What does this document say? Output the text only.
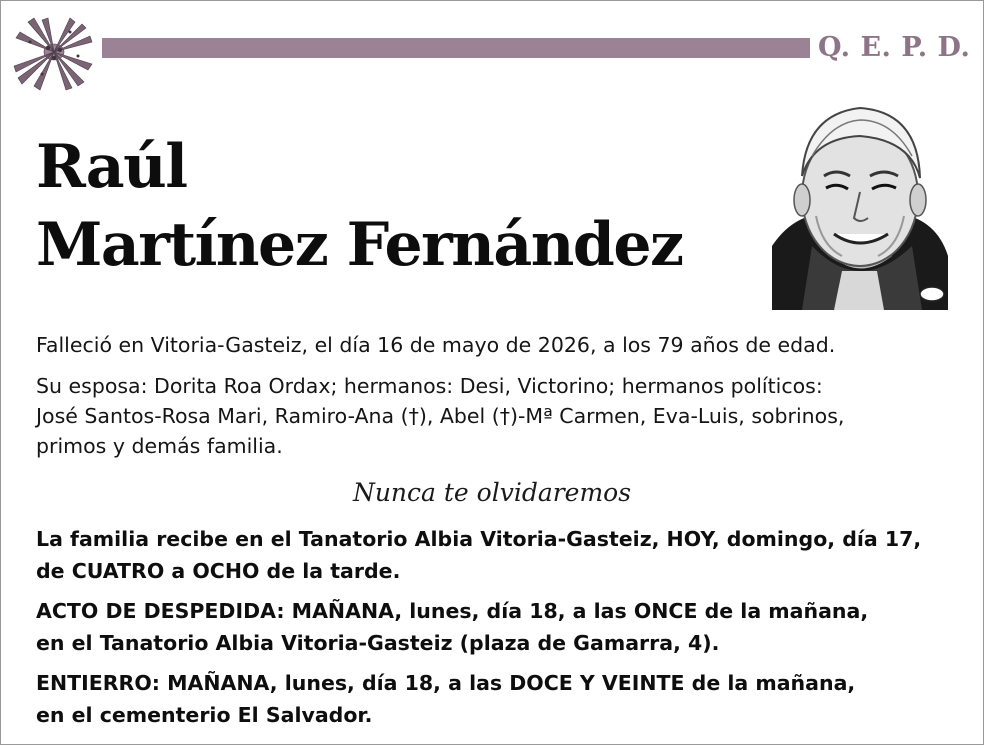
Q. E. P. D.
Raúl
Martínez Fernández
Falleció en Vitoria-Gasteiz, el día 16 de mayo de 2026, a los 79 años de edad.
Su esposa: Dorita Roa Ordax; hermanos: Desi, Victorino; hermanos políticos:
José Santos-Rosa Mari, Ramiro-Ana (†), Abel (†)-Mª Carmen, Eva-Luis, sobrinos,
primos y demás familia.
Nunca te olvidaremos
La familia recibe en el Tanatorio Albia Vitoria-Gasteiz, HOY, domingo, día 17,
de CUATRO a OCHO de la tarde.
ACTO DE DESPEDIDA: MAÑANA, lunes, día 18, a las ONCE de la mañana,
en el Tanatorio Albia Vitoria-Gasteiz (plaza de Gamarra, 4).
ENTIERRO: MAÑANA, lunes, día 18, a las DOCE Y VEINTE de la mañana,
en el cementerio El Salvador.
